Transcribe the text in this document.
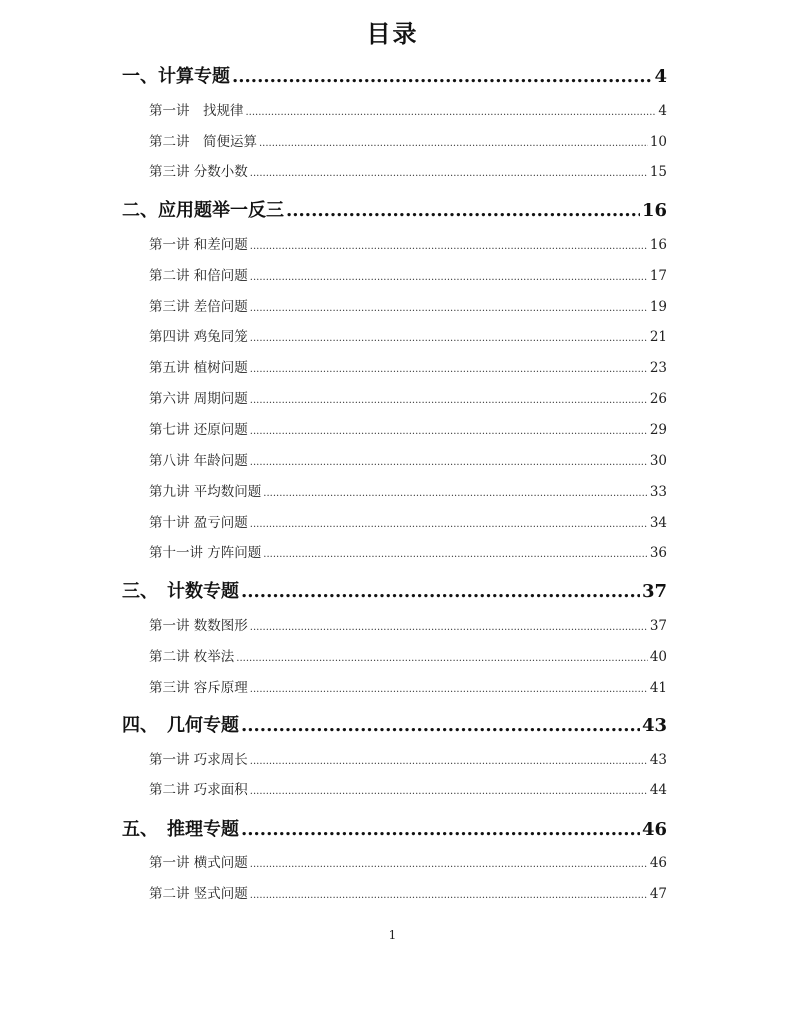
目录
一、计算专题 .....	4
第一讲　找规律 .....	4
第二讲　简便运算 .....	10
第三讲 分数小数 .....	15
二、应用题举一反三 .....	16
第一讲 和差问题 .....	16
第二讲 和倍问题 .....	17
第三讲 差倍问题 .....	19
第四讲 鸡兔同笼 .....	21
第五讲 植树问题 .....	23
第六讲 周期问题 .....	26
第七讲 还原问题 .....	29
第八讲 年龄问题 .....	30
第九讲 平均数问题 .....	33
第十讲 盈亏问题 .....	34
第十一讲 方阵问题 .....	36
三、　计数专题 .....	37
第一讲 数数图形 .....	37
第二讲 枚举法 .....	40
第三讲 容斥原理 .....	41
四、　几何专题 .....	43
第一讲 巧求周长 .....	43
第二讲 巧求面积 .....	44
五、　推理专题 .....	46
第一讲 横式问题 .....	46
第二讲 竖式问题 .....	47
1
